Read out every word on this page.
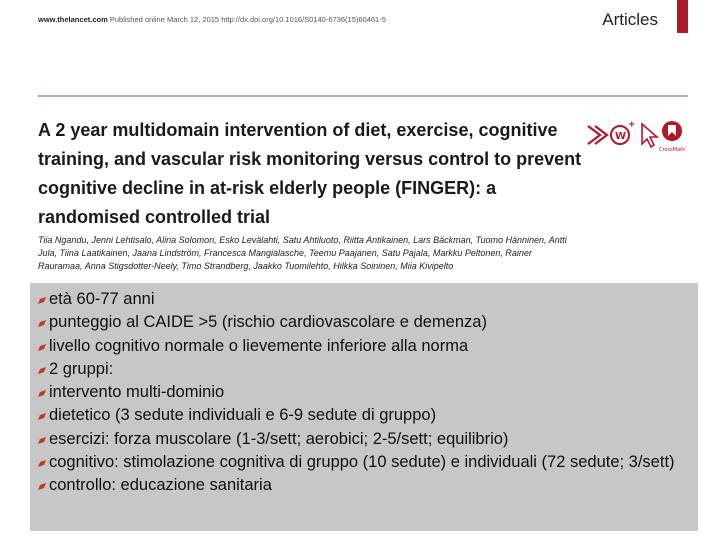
www.thelancet.com Published online March 12, 2015 http://dx.doi.org/10.1016/S0140-6736(15)60461-5	Articles
A 2 year multidomain intervention of diet, exercise, cognitive training, and vascular risk monitoring versus control to prevent cognitive decline in at-risk elderly people (FINGER): a randomised controlled trial
W
+
CrossMark
Tiia Ngandu, Jenni Lehtisalo, Alina Solomon, Esko Levälahti, Satu Ahtiluoto, Riitta Antikainen, Lars Bäckman, Tuomo Hänninen, Antti Jula, Tiina Laatikainen, Jaana Lindström, Francesca Mangialasche, Teemu Paajanen, Satu Pajala, Markku Peltonen, Rainer Rauramaa, Anna Stigsdotter-Neely, Timo Strandberg, Jaakko Tuomilehto, Hilkka Soininen, Miia Kivipelto
età 60-77 anni
punteggio al CAIDE >5 (rischio cardiovascolare e demenza)
livello cognitivo normale o lievemente inferiore alla norma
2 gruppi:
intervento multi-dominio
dietetico (3 sedute individuali e 6-9 sedute di gruppo)
esercizi: forza muscolare (1-3/sett; aerobici; 2-5/sett; equilibrio)
cognitivo: stimolazione cognitiva di gruppo (10 sedute) e individuali (72 sedute; 3/sett)
controllo: educazione sanitaria
